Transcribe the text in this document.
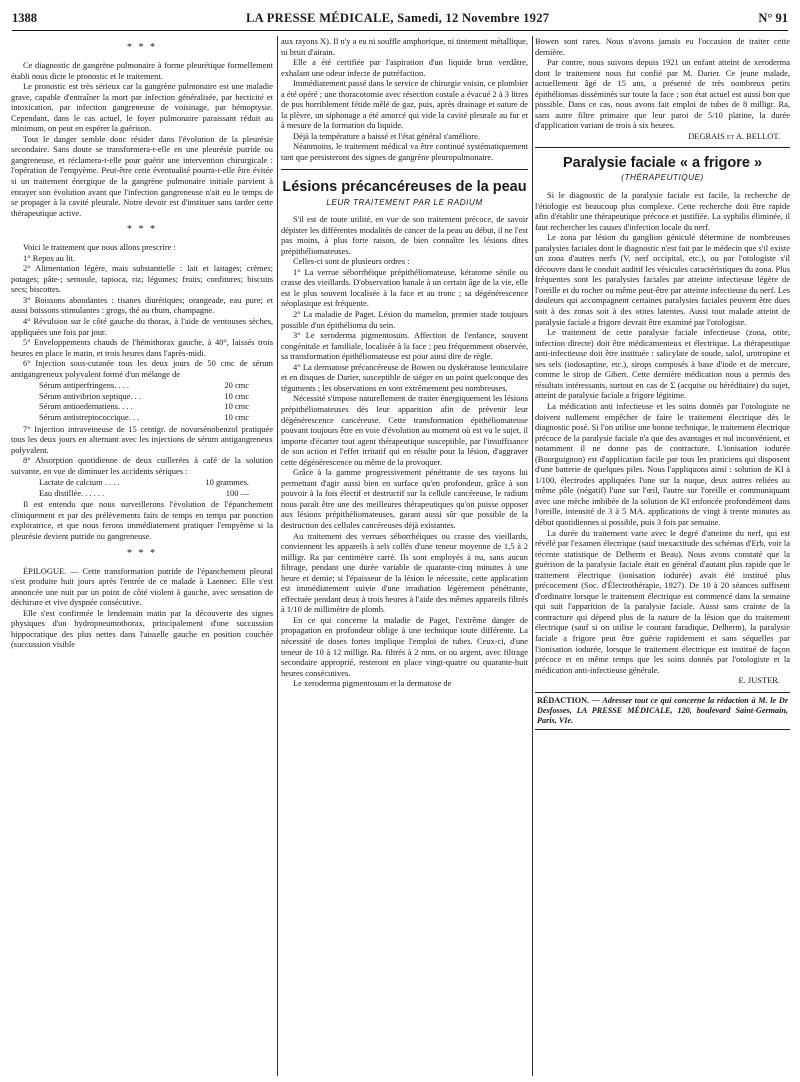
1388	LA PRESSE MÉDICALE, Samedi, 12 Novembre 1927	N° 91
* * *

Ce diagnostic de gangrène pulmonaire à forme pleurétique formellement établi nous dicte le pronostic et le traitement.

Le pronostic est très sérieux car la gangrène pulmonaire est une maladie grave, capable d'entraîner la mort par infection généralisée, par hecticité et intoxication, par infection gangreneuse de voisinage, par hémoptysie. Cependant, dans le cas actuel, le foyer pulmonaire paraissant réduit au minimum, on peut en espérer la guérison.

Tout le danger semble donc résider dans l'évolution de la pleurésie secondaire. Sans doute se transformera-t-elle en une pleurésie putride ou gangreneuse, et réclamera-t-elle pour guérir une intervention chirurgicale : l'opération de l'empyème. Peut-être cette éventualité pourra-t-elle être évitée si un traitement énergique de la gangrène pulmonaire initiale parvient à enrayer son évolution avant que l'infection gangreneuse n'ait eu le temps de se propager à la cavité pleurale. Notre devoir est d'instituer sans tarder cette thérapeutique active.

* * *

Voici le traitement que nous allons prescrire :

1° Repos au lit.

2° Alimentation légère, mais substantielle : lait et laitages; crèmes; potages; pâte-; semoule, tapioca, riz; légumes; fruits; confitures; biscuits secs; biscottes.

3° Boissons abondantes : tisanes diurétiques; orangeade, eau pure; et aussi boissons stimulantes : grogs, thé au rhum, champagne.

4° Révulsion sur le côté gauche du thorax, à l'aide de ventouses sèches, appliquées une fois par jour.

5° Enveloppements chauds de l'hémithorax gauche, à 40°, laissés trois heures en place le matin, et trois heures dans l'après-midi.

6° Injection sous-cutanée tous les deux jours de 50 cmc de sérum antigangreneux polyvalent formé d'un mélange de

Sérum antiperfringens. . . .	20 cmc
Sérum antivibrion septique. . .	10 cmc
Sérum antioedematiens. . . .	10 cmc
Sérum antistreptococcique. . .	10 cmc

7° Injection intraveineuse de 15 centigr. de novarsénobenzol pratiquée tous les deux jours en alternant avec les injections de sérum antigangreneux polyvalent.

8° Absorption quotidienne de deux cuillerées à café de la solution suivante, en vue de diminuer les accidents sériques :

Lactate de calcium . . . .	10 grammes.
Eau distillée. . . . . .	100 —

Il est entendu que nous surveillerons l'évolution de l'épanchement cliniquement et par des prélèvements faits de temps en temps par ponction exploratrice, et que nous ferons immédiatement pratiquer l'empyème si la pleurésie devient putride ou gangreneuse.

* * *

ÉPILOGUE. — Cette transformation putride de l'épanchement pleural s'est produite huit jours après l'entrée de ce malade à Laennec. Elle s'est annoncée une nuit par un point de côté violent à gauche, avec sensation de déchirure et vive dyspnée consécutive.

Elle s'est confirmée le lendemain matin par la découverte des signes physiques d'un hydropneumothorax, principalement d'une succussion hippocratique des plus nettes dans l'aisselle gauche en position couchée (succussion visible

aux rayons X). Il n'y a eu ni souffle amphorique, ni tintement métallique, ni bruit d'airain.

Elle a été certifiée par l'aspiration d'un liquide brun verdâtre, exhalant une odeur infecte de putréfaction.

Immédiatement passé dans le service de chirurgie voisin, ce plombier a été opéré ; une thoracotomie avec résection costale a évacué 2 à 3 litres de pus horriblement fétide mêlé de gaz, puis, après drainage et suture de la plèvre, un siphonage a été amorcé qui vide la cavité pleurale au fur et à mesure de la formation du liquide.

Déjà la température a baissé et l'état général s'améliore.

Néanmoins, le traitement médical va être continué systématiquement tant que persisteront des signes de gangrène pleuropulmonaire.

Lésions précancéreuses de la peau
LEUR TRAITEMENT PAR LE RADIUM

S'il est de toute utilité, en vue de son traitement précoce, de savoir dépister les différentes modalités de cancer de la peau au début, il ne l'est pas moins, à plus forte raison, de bien connaître les lésions dites prépithéliomateuses.

Celles-ci sont de plusieurs ordres :

1° La verrue séborrhéique prépithéliomateuse, kératome sénile ou crasse des vieillards. D'observation banale à un certain âge de la vie, elle est le plus souvent localisée à la face et au tronc ; sa dégénérescence néoplasique est fréquente.

2° La maladie de Paget. Lésion du mamelon, premier stade toujours possible d'un épithélioma du sein.

3° Le xeroderma pigmentosum. Affection de l'enfance, souvent congénitale et familiale, localisée à la face ; peu fréquemment observée, sa transformation épithéliomateuse est pour ainsi dire de règle.

4° La dermatose précancéreuse de Bowen ou dyskératose lenticulaire et en disques de Darier, susceptible de siéger en un point quelconque des téguments ; les observations en sont extrêmement peu nombreuses.

Nécessité s'impose naturellement de traiter énergiquement les lésions prépithéliomateuses dès leur apparition afin de prévenir leur dégénérescence cancéreuse. Cette transformation épithéliomateuse pouvant toujours être en voie d'évolution au moment où est vu le sujet, il importe d'écarter tout agent thérapeutique susceptible, par l'insuffisance de son action et l'effet irritatif qui en résulte pour la lésion, d'aggraver cette dégénérescence ou même de la provoquer.

Grâce à la gamme progressivement pénétrante de ses rayons lui permettant d'agir aussi bien en surface qu'en profondeur, grâce à son pouvoir à la fois électif et destructif sur la cellule cancéreuse, le radium nous paraît être une des meilleures thérapeutiques qu'on puisse opposer aux lésions prépithéliomateuses, garant aussi sûr que possible de la destruction des cellules cancéreuses déjà existantes.

Au traitement des verrues séborrhéiques ou crasse des vieillards, conviennent les appareils à sels collés d'une teneur moyenne de 1,5 à 2 milligr. Ra par centimètre carré. Ils sont employés à nu, sans aucun filtrage, pendant une durée variable de quarante-cinq minutes à une heure et demie; si l'épaisseur de la lésion le nécessite, cette application est immédiatement suivie d'une irradiation légèrement pénétrante, effectuée pendant deux à trois heures à l'aide des mêmes appareils filtrés à 1/10 de millimètre de plomb.

En ce qui concerne la maladie de Paget, l'extrême danger de propagation en profondeur oblige à une technique toute différente. La nécessité de doses fortes implique l'emploi de tubes. Ceux-ci, d'une teneur de 10 à 12 milligr. Ra. filtrés à 2 mm. or ou argent, avec filtrage secondaire approprié, resteront en place vingt-quatre ou quarante-huit heures consécutives.

Le xeroderma pigmentosum et la dermatose de

Bowen sont rares. Nous n'avons jamais eu l'occasion de traiter cette dernière.

Par contre, nous suivons depuis 1921 un enfant atteint de xeroderma dont le traitement nous fut confié par M. Darier. Ce jeune malade, actuellement âgé de 15 ans, a présenté de très nombreux petits épithéliomas disséminés sur toute la face ; son état actuel est aussi bon que possible. Dans ce cas, nous avons fait emploi de tubes de 8 milligr. Ra, sans autre filtre primaire que leur paroi de 5/10 platine, la durée d'application variant de trois à six heures.

DEGRAIS et A. BELLOT.
Paralysie faciale « a frigore »
(THÉRAPEUTIQUE)

Si le diagnostic de la paralysie faciale est facile, la recherche de l'étiologie est beaucoup plus complexe. Cette recherche doit être rapide afin d'établir une thérapeutique précoce et justifiée. La syphilis éliminée, il faut rechercher les causes d'infection locale du nerf.

Le zona par lésion du ganglion géniculé détermine de nombreuses paralysies faciales dont le diagnostic n'est fait par le médecin que s'il existe un zona d'autres nerfs (V, nerf occipital, etc.), ou par l'otologiste s'il découvre dans le conduit auditif les vésicules caractéristiques du zona. Plus fréquentes sont les paralysies faciales par atteinte infectieuse légère de l'oreille et du rocher ou même peut-être par atteinte infectieuse du nerf. Les douleurs qui accompagnent certaines paralysies faciales peuvent être dues soit à des zonas soit à des otites latentes. Aussi tout malade atteint de paralysie faciale a frigore devrait être examiné par l'otologiste.

Le traitement de cette paralysie faciale infectieuse (zona, otite, infection directe) doit être médicamenteux et électrique. La thérapeutique anti-infectieuse doit être instituée : salicylate de soude, salol, urotropine et ses sels (iodosaptine, etc.), sirops composés à base d'iode et de mercure, comme le sirop de Gibert. Cette dernière médication nous a permis des résultats intéressants, surtout en cas de Σ (acquise ou héréditaire) du sujet, atteint de paralysie faciale a frigore légitime.

La médication anti infectieuse et les soins donnés par l'otologiste ne doivent nullement empêcher de faire le traitement électrique dès le diagnostic posé. Si l'on utilise une bonne technique, le traitement électrique précoce de la paralysie faciale n'a que des avantages et nul inconvénient, et notamment il ne donne pas de contracture. L'ionisation iodurée (Bourguignon) est d'application facile par tous les praticiens qui disposent d'une batterie de quelques piles. Nous l'appliquons ainsi : solution de KI à 1/100, électrodes appliquées l'une sur la nuque, deux autres reliées au même pôle (négatif) l'une sur l'œil, l'autre sur l'oreille et communiquant avec une mèche imbibée de la solution de KI enfoncée profondément dans l'oreille, intensité de 3 à 5 MA. applications de vingt à trente minutes au début quotidiennes si possible, puis 3 fois par semaine.

La durée du traitement varie avec le degré d'atteinte du nerf, qui est révélé par l'examen électrique (sauf inexactitude des schémas d'Erb, voir la récente statistique de Delherm et Beau). Nous avons constaté que la guérison de la paralysie faciale était en général d'autant plus rapide que le traitement électrique (ionisation iodurée) avait été institué plus précocement (Soc. d'Électrothérapie, 1927). De 10 à 20 séances suffisent d'ordinaire lorsque le traitement électrique est commencé dans la semaine qui suit l'apparition de la paralysie faciale. Aussi sans crainte de la contracture qui dépend plus de la nature de la lésion que du traitement électrique (sauf si on utilise le courant faradique, Delherm), la paralysie faciale a frigore peut être guérie rapidement et sans séquelles par l'ionisation iodurée, lorsque le traitement électrique est institué de façon précoce et en même temps que les soins donnés par l'otologiste et la médication anti-infectieuse générale.

E. JUSTER.
RÉDACTION. — Adresser tout ce qui concerne la rédaction à M. le Dr Desfosses, LA PRESSE MÉDICALE, 120, boulevard Saint-Germain, Paris, VIe.
